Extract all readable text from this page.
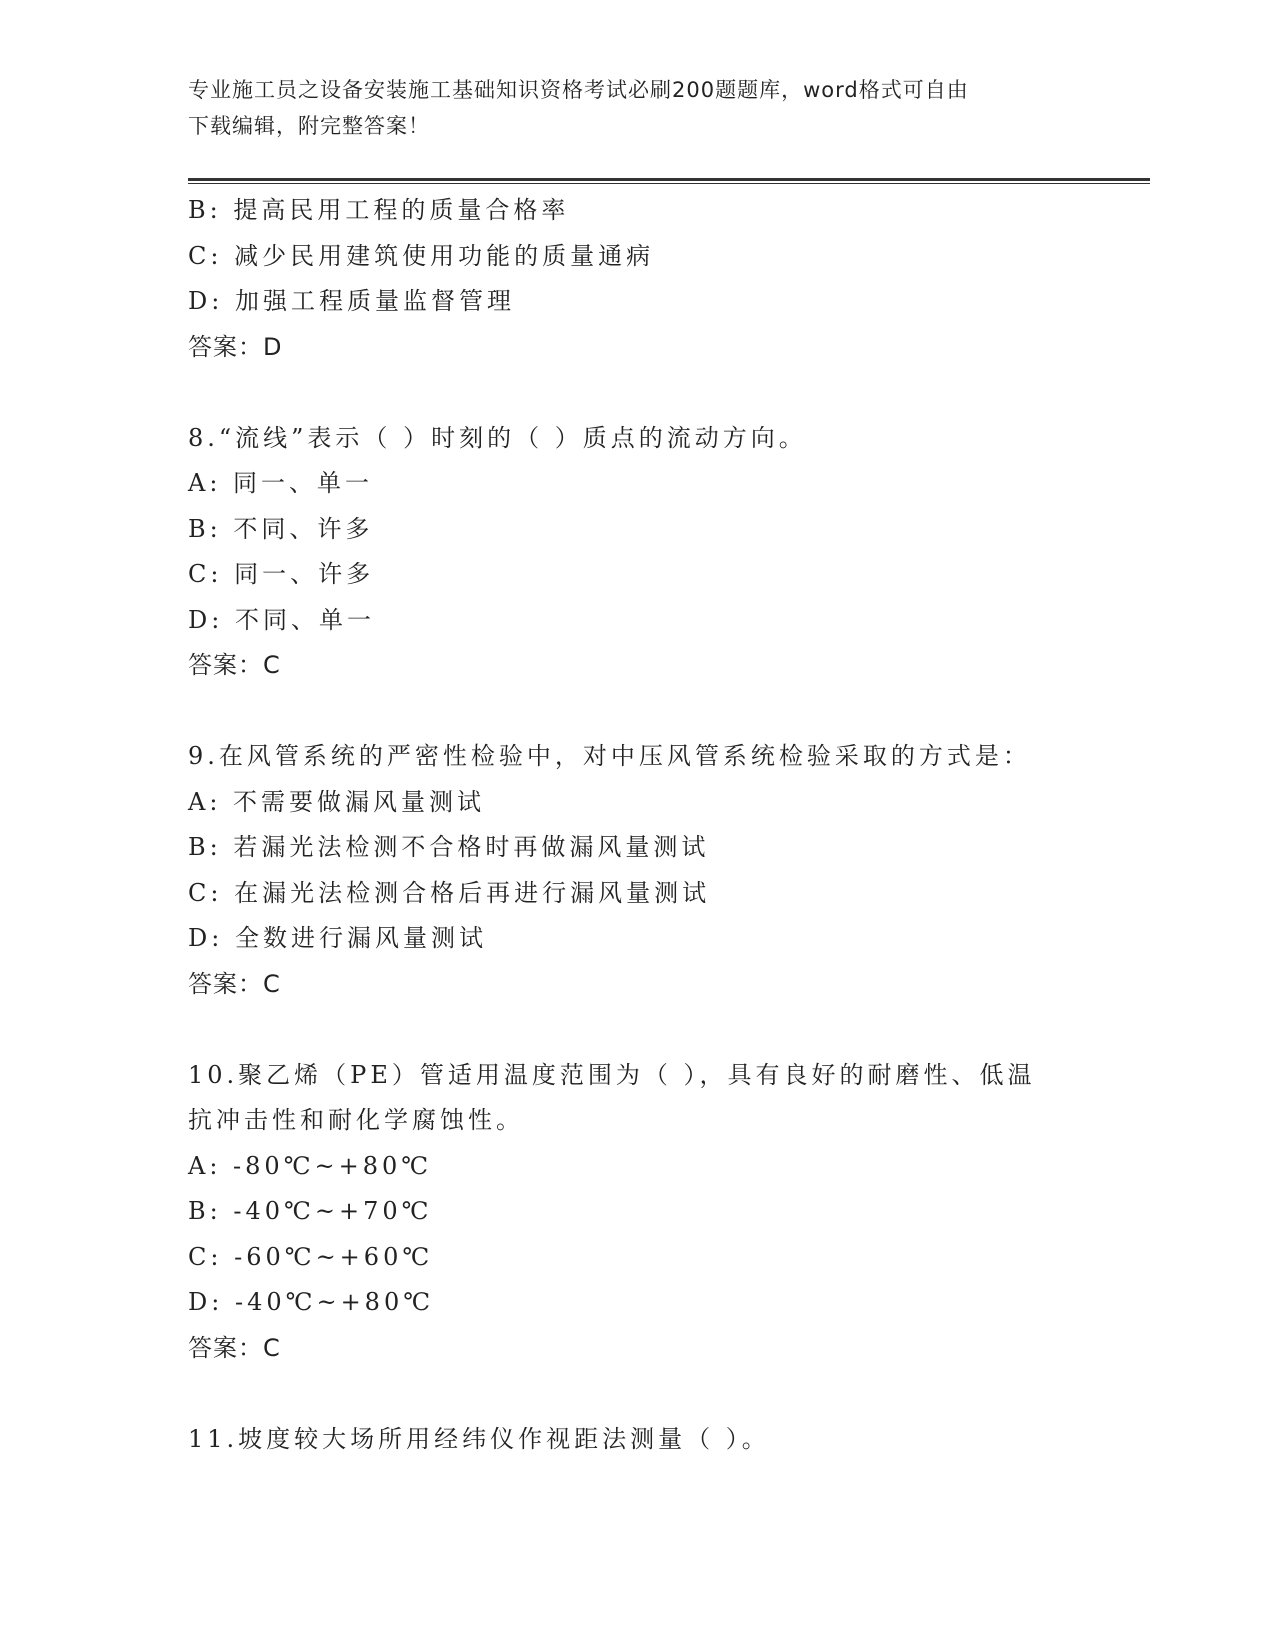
专业施工员之设备安装施工基础知识资格考试必刷200题题库，word格式可自由
下载编辑，附完整答案！
B: 提高民用工程的质量合格率
C: 减少民用建筑使用功能的质量通病
D: 加强工程质量监督管理
答案：D
8.“流线”表示（ ）时刻的（ ）质点的流动方向。
A: 同一、单一
B: 不同、许多
C: 同一、许多
D: 不同、单一
答案：C
9.在风管系统的严密性检验中，对中压风管系统检验采取的方式是：
A: 不需要做漏风量测试
B: 若漏光法检测不合格时再做漏风量测试
C: 在漏光法检测合格后再进行漏风量测试
D: 全数进行漏风量测试
答案：C
10.聚乙烯（PE）管适用温度范围为（ ），具有良好的耐磨性、低温
抗冲击性和耐化学腐蚀性。
A: -80℃~+80℃
B: -40℃~+70℃
C: -60℃~+60℃
D: -40℃~+80℃
答案：C
11.坡度较大场所用经纬仪作视距法测量（ ）。
